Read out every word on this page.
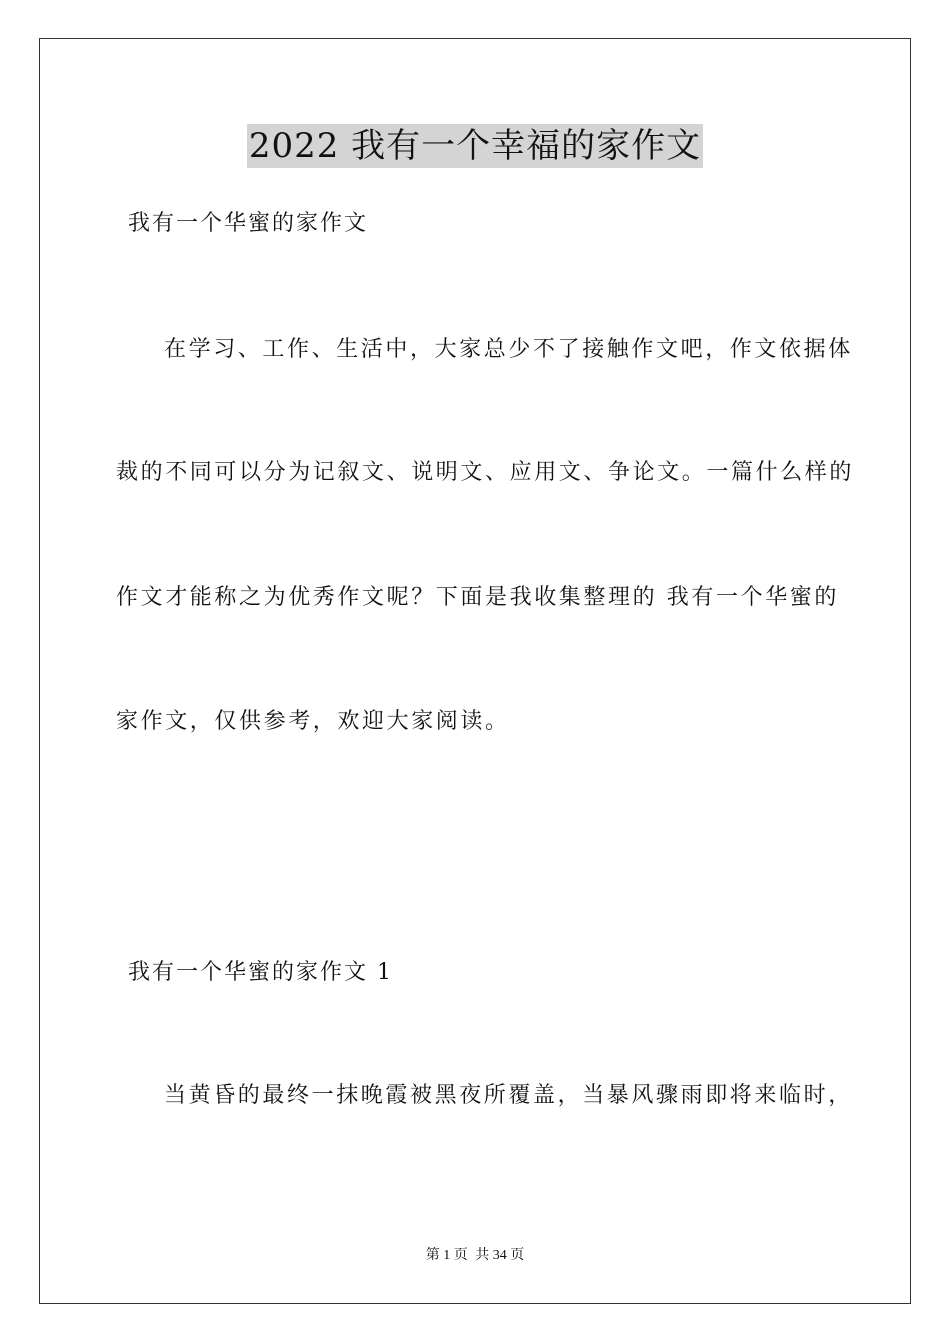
2022 我有一个幸福的家作文
我有一个华蜜的家作文
在学习、工作、生活中，大家总少不了接触作文吧，作文依据体
裁的不同可以分为记叙文、说明文、应用文、争论文。一篇什么样的
作文才能称之为优秀作文呢？下面是我收集整理的 我有一个华蜜的
家作文，仅供参考，欢迎大家阅读。
我有一个华蜜的家作文 1
当黄昏的最终一抹晚霞被黑夜所覆盖，当暴风骤雨即将来临时，
第 1 页 共 34 页
